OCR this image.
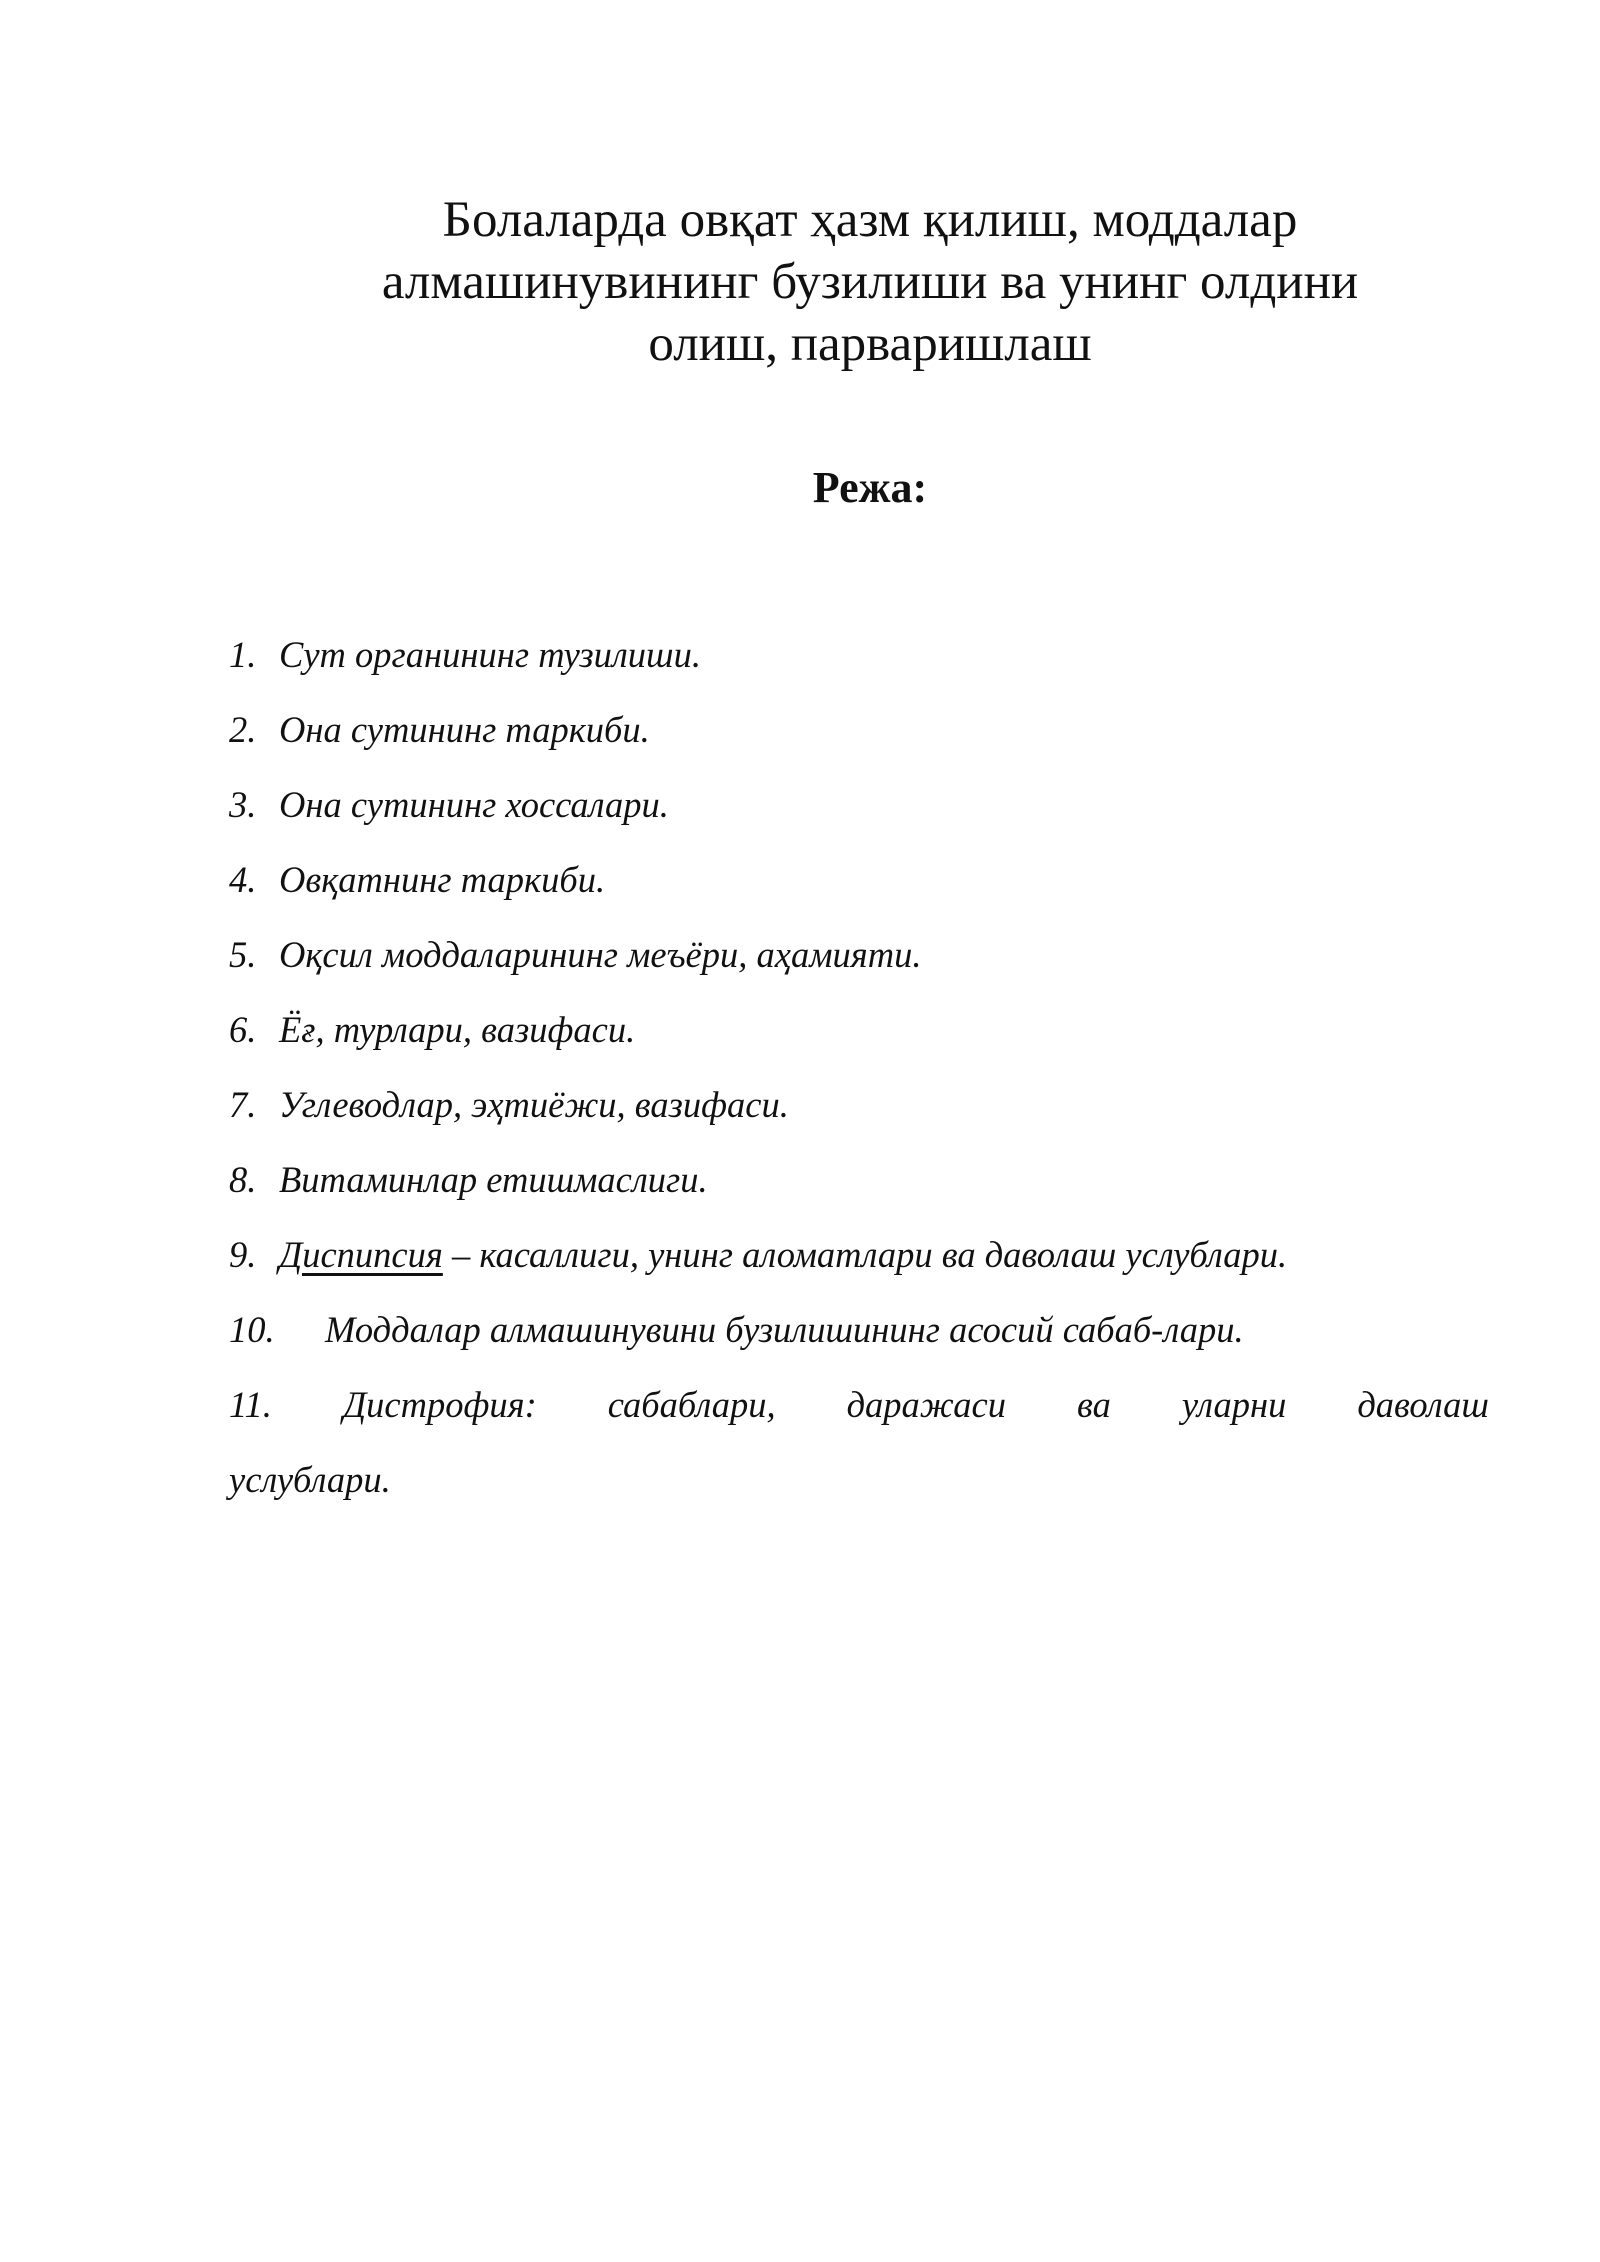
Болаларда овқат ҳазм қилиш, моддалар
алмашинувининг бузилиши ва унинг олдини
олиш, парваришлаш
Режа:
1. Сут органининг тузилиши.
2. Она сутининг таркиби.
3. Она сутининг хоссалари.
4. Овқатнинг таркиби.
5. Оқсил моддаларининг меъёри, аҳамияти.
6. Ёғ, турлари, вазифаси.
7. Углеводлар, эҳтиёжи, вазифаси.
8. Витаминлар етишмаслиги.
9. Диспипсия – касаллиги, унинг аломатлари ва даволаш услублари.
10.	Моддалар алмашинувини бузилишининг асосий сабаб-лари.
11. Дистрофия: сабаблари, даражаси ва уларни даволаш
услублари.
